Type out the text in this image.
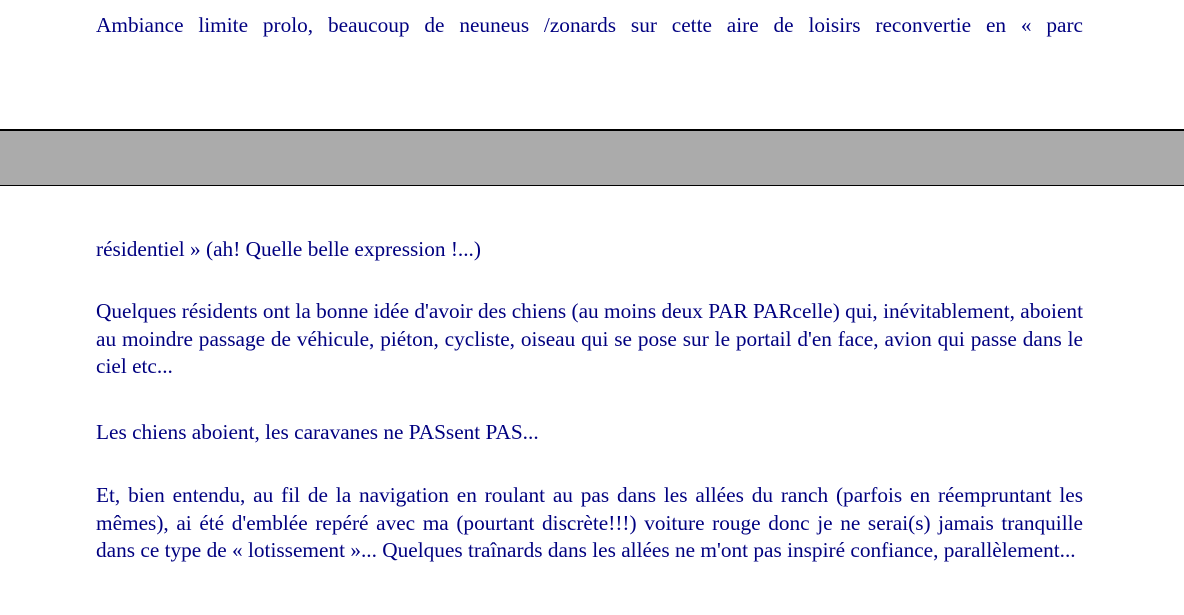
Ambiance limite prolo, beaucoup de neuneus /zonards sur cette aire de loisirs reconvertie en « parc

résidentiel » (ah! Quelle belle expression !...)

Quelques résidents ont la bonne idée d'avoir des chiens (au moins deux PAR PARcelle) qui, inévitablement, aboient au moindre passage de véhicule, piéton, cycliste, oiseau qui se pose sur le portail d'en face, avion qui passe dans le ciel etc...

Les chiens aboient, les caravanes ne PASsent PAS...

Et, bien entendu, au fil de la navigation en roulant au pas dans les allées du ranch (parfois en réempruntant les mêmes), ai été d'emblée repéré avec ma (pourtant discrète!!!) voiture rouge donc je ne serai(s) jamais tranquille dans ce type de « lotissement »... Quelques traînards dans les allées ne m'ont pas inspiré confiance, parallèlement...
